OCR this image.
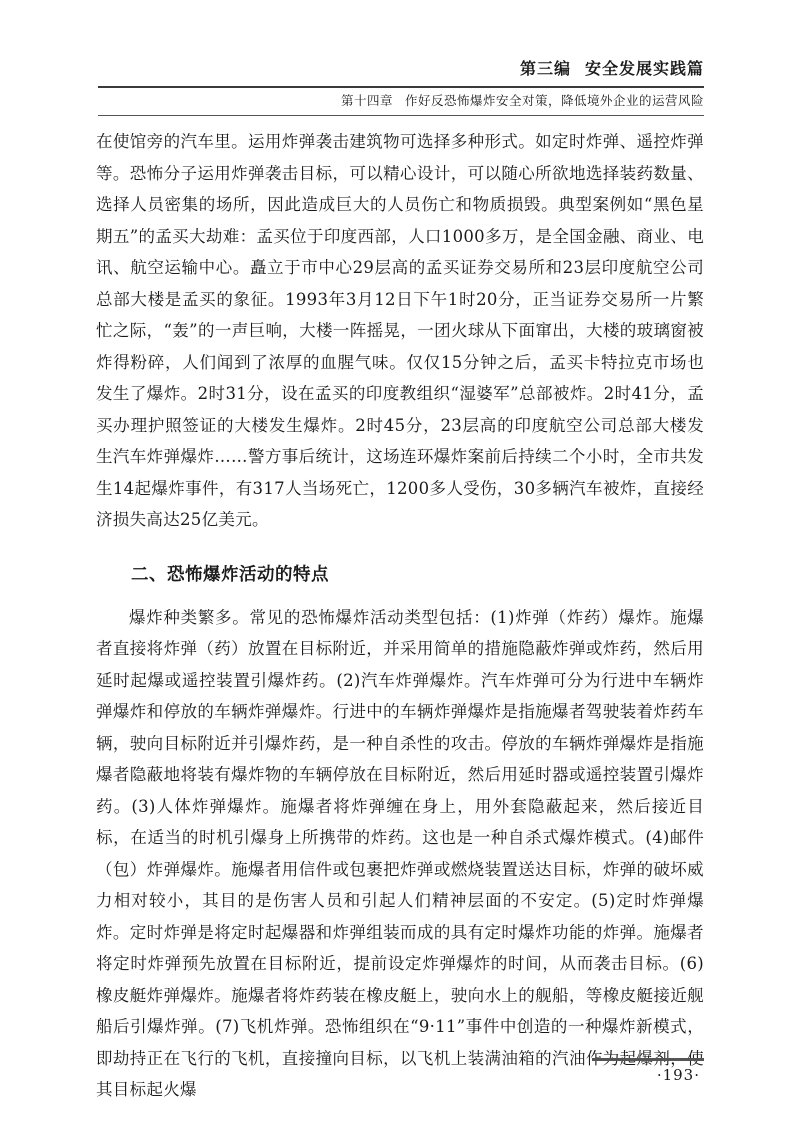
第三编 安全发展实践篇
第十四章 作好反恐怖爆炸安全对策，降低境外企业的运营风险

在使馆旁的汽车里。运用炸弹袭击建筑物可选择多种形式。如定时炸弹、遥控炸弹等。恐怖分子运用炸弹袭击目标，可以精心设计，可以随心所欲地选择装药数量、选择人员密集的场所，因此造成巨大的人员伤亡和物质损毁。典型案例如“黑色星期五”的孟买大劫难：孟买位于印度西部，人口1000多万，是全国金融、商业、电讯、航空运输中心。矗立于市中心29层高的孟买证券交易所和23层印度航空公司总部大楼是孟买的象征。1993年3月12日下午1时20分，正当证券交易所一片繁忙之际，“轰”的一声巨响，大楼一阵摇晃，一团火球从下面窜出，大楼的玻璃窗被炸得粉碎，人们闻到了浓厚的血腥气味。仅仅15分钟之后，孟买卡特拉克市场也发生了爆炸。2时31分，设在孟买的印度教组织“湿婆军”总部被炸。2时41分，孟买办理护照签证的大楼发生爆炸。2时45分，23层高的印度航空公司总部大楼发生汽车炸弹爆炸……警方事后统计，这场连环爆炸案前后持续二个小时，全市共发生14起爆炸事件，有317人当场死亡，1200多人受伤，30多辆汽车被炸，直接经济损失高达25亿美元。

二、恐怖爆炸活动的特点

爆炸种类繁多。常见的恐怖爆炸活动类型包括：(1)炸弹（炸药）爆炸。施爆者直接将炸弹（药）放置在目标附近，并采用简单的措施隐蔽炸弹或炸药，然后用延时起爆或遥控装置引爆炸药。(2)汽车炸弹爆炸。汽车炸弹可分为行进中车辆炸弹爆炸和停放的车辆炸弹爆炸。行进中的车辆炸弹爆炸是指施爆者驾驶装着炸药车辆，驶向目标附近并引爆炸药，是一种自杀性的攻击。停放的车辆炸弹爆炸是指施爆者隐蔽地将装有爆炸物的车辆停放在目标附近，然后用延时器或遥控装置引爆炸药。(3)人体炸弹爆炸。施爆者将炸弹缠在身上，用外套隐蔽起来，然后接近目标，在适当的时机引爆身上所携带的炸药。这也是一种自杀式爆炸模式。(4)邮件（包）炸弹爆炸。施爆者用信件或包裹把炸弹或燃烧装置送达目标，炸弹的破坏威力相对较小，其目的是伤害人员和引起人们精神层面的不安定。(5)定时炸弹爆炸。定时炸弹是将定时起爆器和炸弹组装而成的具有定时爆炸功能的炸弹。施爆者将定时炸弹预先放置在目标附近，提前设定炸弹爆炸的时间，从而袭击目标。(6)橡皮艇炸弹爆炸。施爆者将炸药装在橡皮艇上，驶向水上的舰船，等橡皮艇接近舰船后引爆炸弹。(7)飞机炸弹。恐怖组织在“9·11”事件中创造的一种爆炸新模式，即劫持正在飞行的飞机，直接撞向目标，以飞机上装满油箱的汽油作为起爆剂，使其目标起火爆

·193·
